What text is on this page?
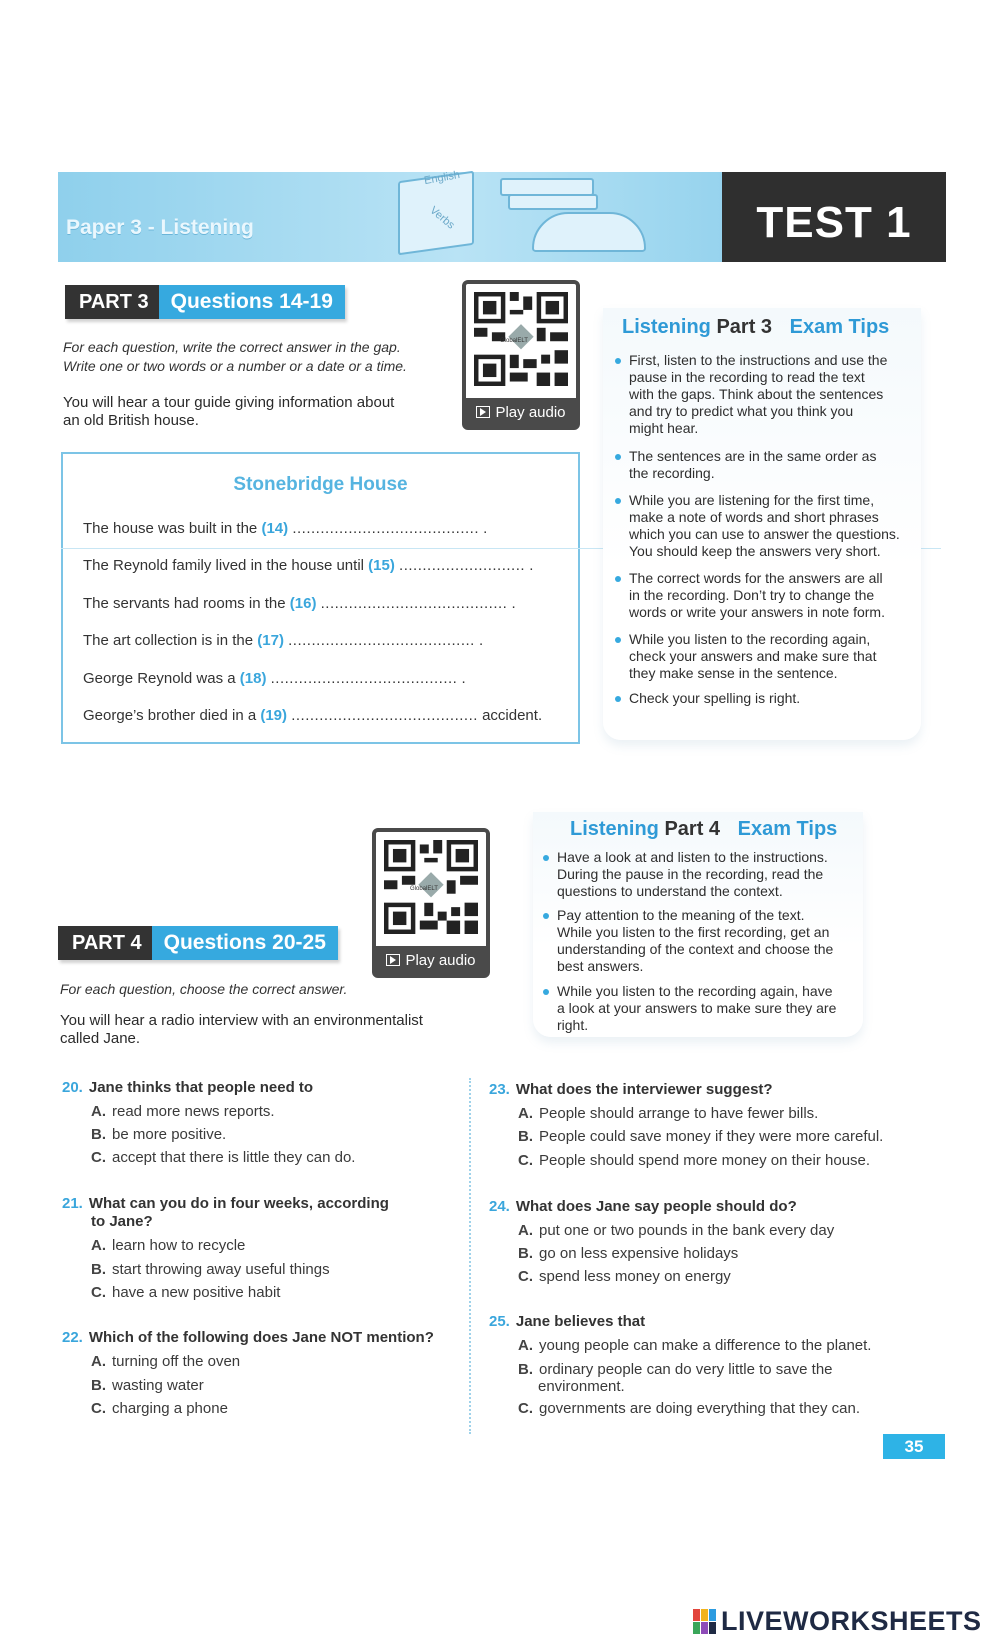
English
Verbs
Paper 3 - Listening	TEST 1
PART 3	Questions 14-19
For each question, write the correct answer in the gap.
Write one or two words or a number or a date or a time.
You will hear a tour guide giving information about
an old British house.
GlobalELT
Play audio
Stonebridge House
The house was built in the (14) ........................................ .
The Reynold family lived in the house until (15) ........................... .
The servants had rooms in the (16) ........................................ .
The art collection is in the (17) ........................................ .
George Reynold was a (18) ........................................ .
George’s brother died in a (19) ........................................ accident.
Listening Part 3 Exam Tips
First, listen to the instructions and use the
pause in the recording to read the text
with the gaps. Think about the sentences
and try to predict what you think you
might hear.
The sentences are in the same order as
the recording.
While you are listening for the first time,
make a note of words and short phrases
which you can use to answer the questions.
You should keep the answers very short.
The correct words for the answers are all
in the recording. Don’t try to change the
words or write your answers in note form.
While you listen to the recording again,
check your answers and make sure that
they make sense in the sentence.
Check your spelling is right.
GlobalELT
Play audio
PART 4	Questions 20-25
For each question, choose the correct answer.
You will hear a radio interview with an environmentalist
called Jane.
Listening Part 4 Exam Tips
Have a look at and listen to the instructions.
During the pause in the recording, read the
questions to understand the context.
Pay attention to the meaning of the text.
While you listen to the first recording, get an
understanding of the context and choose the
best answers.
While you listen to the recording again, have
a look at your answers to make sure they are
right.
20. Jane thinks that people need to
A. read more news reports.
B. be more positive.
C. accept that there is little they can do.
21. What can you do in four weeks, according
to Jane?
A. learn how to recycle
B. start throwing away useful things
C. have a new positive habit
22. Which of the following does Jane NOT mention?
A. turning off the oven
B. wasting water
C. charging a phone
23. What does the interviewer suggest?
A. People should arrange to have fewer bills.
B. People could save money if they were more careful.
C. People should spend more money on their house.
24. What does Jane say people should do?
A. put one or two pounds in the bank every day
B. go on less expensive holidays
C. spend less money on energy
25. Jane believes that
A. young people can make a difference to the planet.
B. ordinary people can do very little to save the
environment.
C. governments are doing everything that they can.
35
LIVEWORKSHEETS
